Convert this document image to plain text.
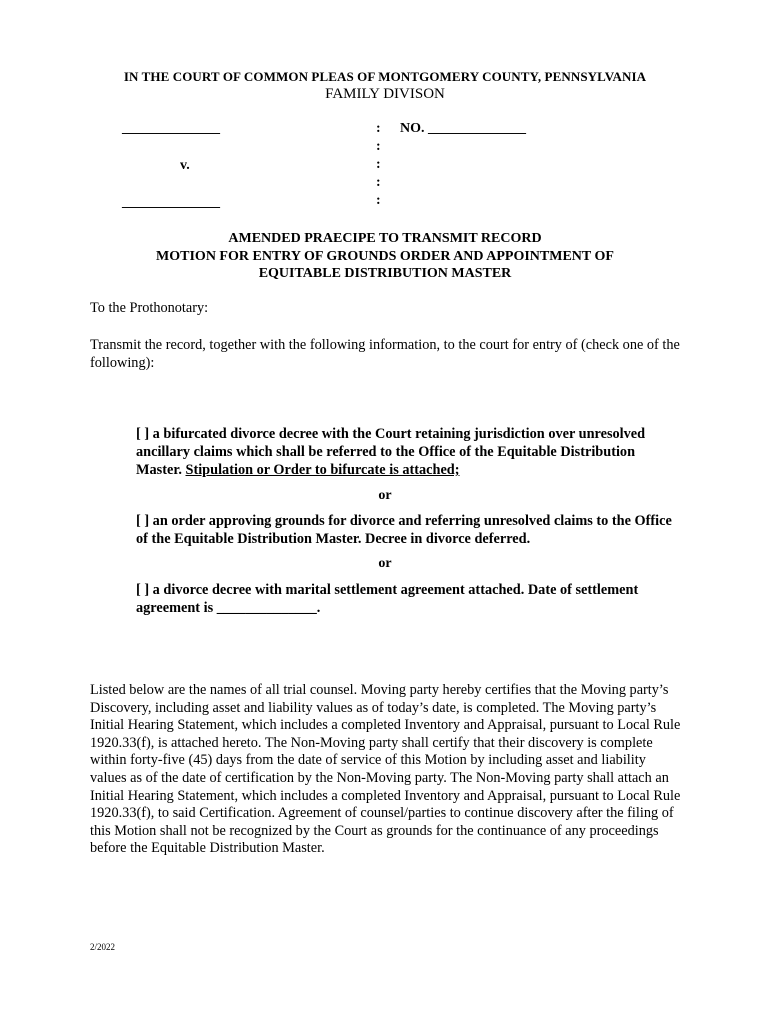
IN THE COURT OF COMMON PLEAS OF MONTGOMERY COUNTY, PENNSYLVANIA
FAMILY DIVISON
______________
v.
______________
:
:
:
:
:
NO. ______________
AMENDED PRAECIPE TO TRANSMIT RECORD
MOTION FOR ENTRY OF GROUNDS ORDER AND APPOINTMENT OF
EQUITABLE DISTRIBUTION MASTER
To the Prothonotary:
Transmit the record, together with the following information, to the court for entry of (check one of the following):
[ ] a bifurcated divorce decree with the Court retaining jurisdiction over unresolved ancillary claims which shall be referred to the Office of the Equitable Distribution Master. Stipulation or Order to bifurcate is attached;
or
[ ] an order approving grounds for divorce and referring unresolved claims to the Office of the Equitable Distribution Master. Decree in divorce deferred.
or
[ ] a divorce decree with marital settlement agreement attached. Date of settlement agreement is ______________.
Listed below are the names of all trial counsel. Moving party hereby certifies that the Moving party’s Discovery, including asset and liability values as of today’s date, is completed. The Moving party’s Initial Hearing Statement, which includes a completed Inventory and Appraisal, pursuant to Local Rule 1920.33(f), is attached hereto. The Non-Moving party shall certify that their discovery is complete within forty-five (45) days from the date of service of this Motion by including asset and liability values as of the date of certification by the Non-Moving party. The Non-Moving party shall attach an Initial Hearing Statement, which includes a completed Inventory and Appraisal, pursuant to Local Rule 1920.33(f), to said Certification. Agreement of counsel/parties to continue discovery after the filing of this Motion shall not be recognized by the Court as grounds for the continuance of any proceedings before the Equitable Distribution Master.
2/2022
